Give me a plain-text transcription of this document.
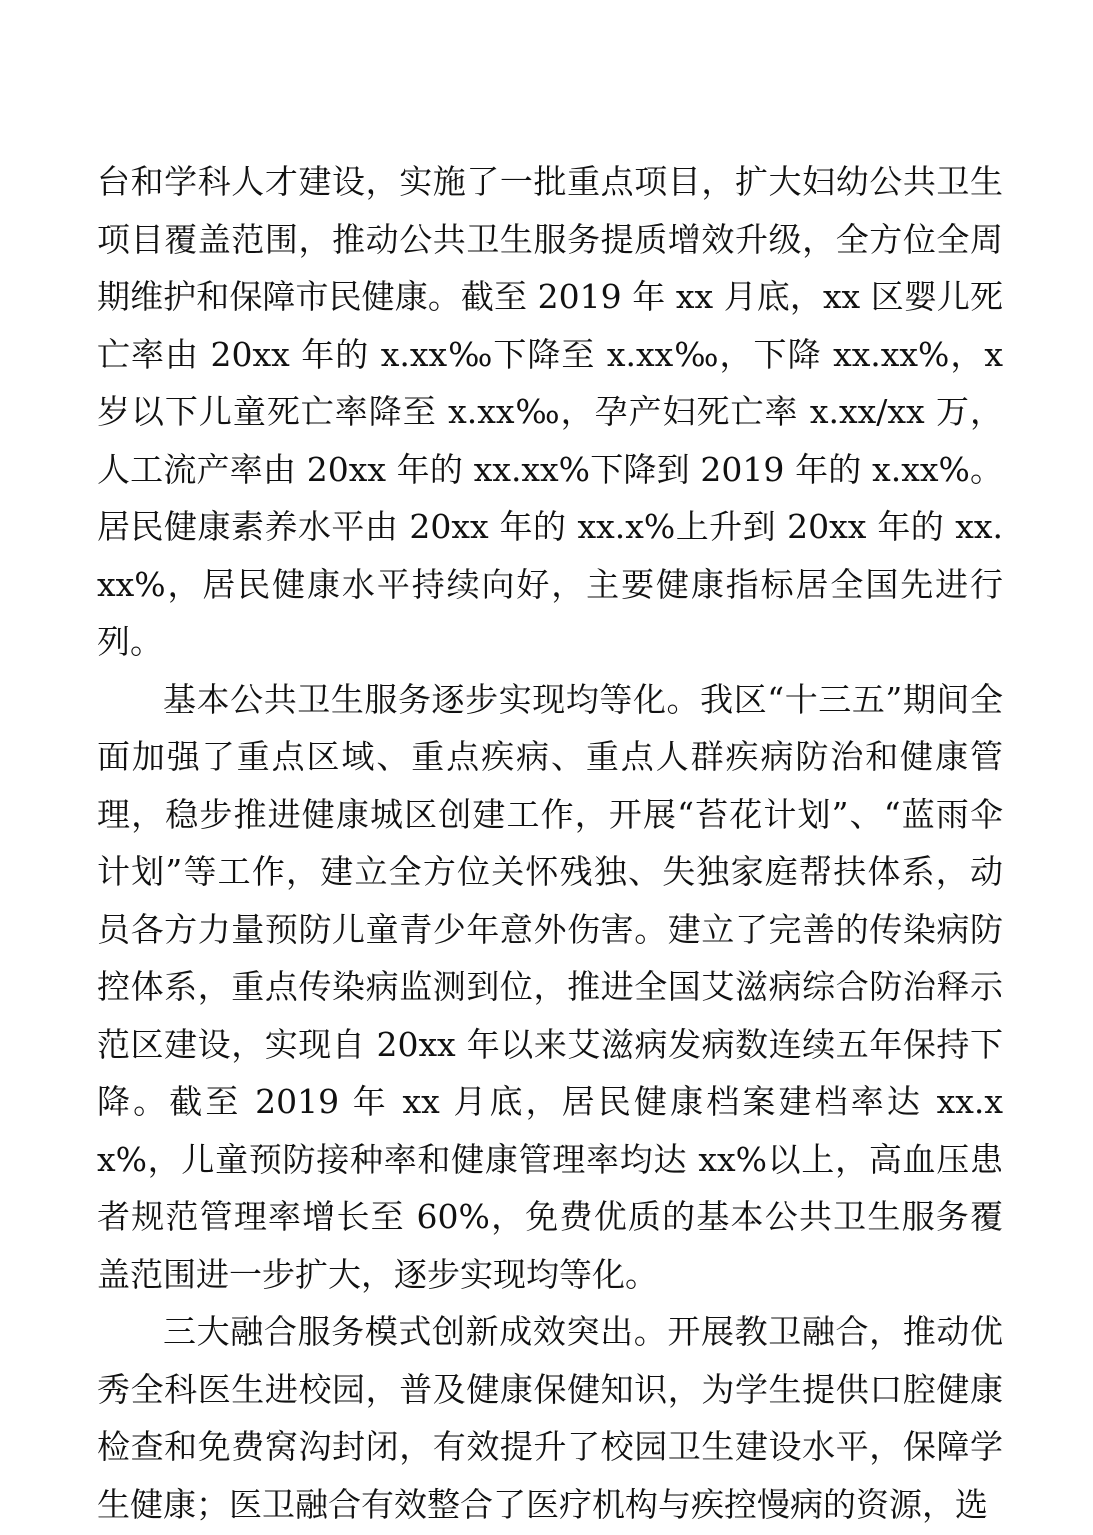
台和学科人才建设，实施了一批重点项目，扩大妇幼公共卫生项目覆盖范围，推动公共卫生服务提质增效升级，全方位全周期维护和保障市民健康。截至 2019 年 xx 月底，xx 区婴儿死亡率由 20xx 年的 x.xx‰下降至 x.xx‰，下降 xx.xx%，x 岁以下儿童死亡率降至 x.xx‰，孕产妇死亡率 x.xx/xx 万，人工流产率由 20xx 年的 xx.xx%下降到 2019 年的 x.xx%。居民健康素养水平由 20xx 年的 xx.x%上升到 20xx 年的 xx.xx%，居民健康水平持续向好，主要健康指标居全国先进行列。

基本公共卫生服务逐步实现均等化。我区“十三五”期间全面加强了重点区域、重点疾病、重点人群疾病防治和健康管理，稳步推进健康城区创建工作，开展“苔花计划”、“蓝雨伞计划”等工作，建立全方位关怀残独、失独家庭帮扶体系，动员各方力量预防儿童青少年意外伤害。建立了完善的传染病防控体系，重点传染病监测到位，推进全国艾滋病综合防治释示范区建设，实现自 20xx 年以来艾滋病发病数连续五年保持下降。截至 2019 年 xx 月底，居民健康档案建档率达 xx.xx%，儿童预防接种率和健康管理率均达 xx%以上，高血压患者规范管理率增长至 60%，免费优质的基本公共卫生服务覆盖范围进一步扩大，逐步实现均等化。

三大融合服务模式创新成效突出。开展教卫融合，推动优秀全科医生进校园，普及健康保健知识，为学生提供口腔健康检查和免费窝沟封闭，有效提升了校园卫生建设水平，保障学生健康；医卫融合有效整合了医疗机构与疾控慢病的资源，选
